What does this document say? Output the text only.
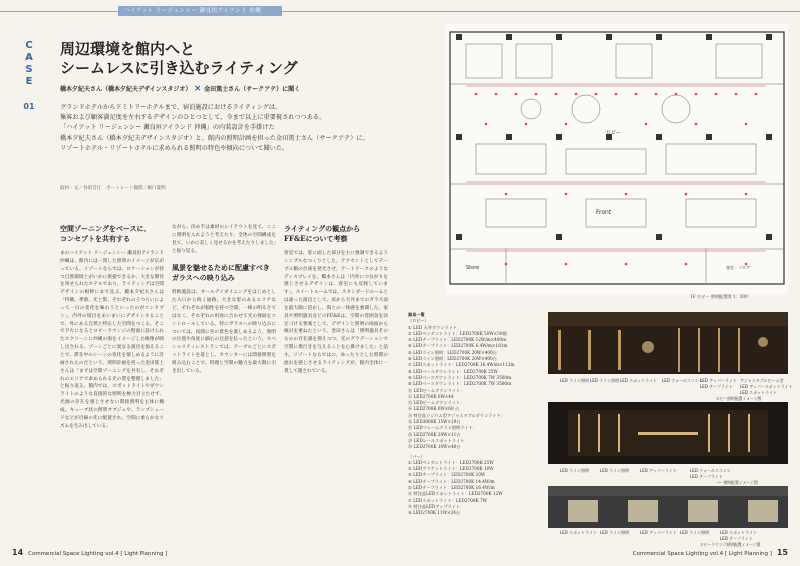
ハイアット リージェンシー 瀬良垣アイランド 沖縄
C
A
S
E
01
周辺環境を館内へと
シームレスに引き込むライティング
橋本夕紀夫さん（橋本夕紀夫デザインスタジオ） ✕ 金田篤士さん（サークアテ）に聞く

グランドホテルからドミトリーホテルまで、宿泊施設におけるライティングは、

集客および顧客満足度を左右するデザインのひとつとして、今まで以上に重要視されつつある。

「ハイアット リージェンシー 瀬良垣アイランド 沖縄」の内装設計を手掛けた

橋本夕紀夫さん（橋本夕紀夫デザインスタジオ）と、館内の照明計画を担った金田篤士さん（サークアテ）に、

リゾートホテル・リゾートホテルに求められる照明の特色や傾向について聞いた。

取材・文／谷彩音江　ポートレート撮影／堀口夏明
空間ゾーニングをベースに、
コンセプトを共有する

まのハイアット リージェンシー 瀬良垣アイランド 沖縄は、館内には一貫した照明のイメージが広がっている。リゾートならでは、ロケーションが持つ自然環境とがいかに密接できるか、大きな期待を寄せられたホテルであり、ライティングは空間デザインの根幹にまで及ぶ。橋本夕紀夫さんは「特徴、季節、光と影、それぞれのうつろいによって一日の変化を味わうといったのがコンセプト」。内外の境目をあいまいにデザインすることで、外にある自然と呼応した空間をつくる。そこで夕方になるとロビーラウンジの壁面に設けられたスクリーンに沖縄の海をイメージした映像が映し出される。ゾーンごとに異なる演出を加えることで、滞在中のシーンの変化を楽しめるように計画されたのだという。照明計画を担った金田篤士さんは「まずは空間ゾーニングを共有し、それぞれのエリアで求められる光の質を整理しました」と振り返る。館内では、スポットライトやダウンライトのような直接的な照明を極力目立たせず、光源の存在を感じさせない間接照明を主体に構成。キューブ状の照明オブジェや、ランプシェードなどが目線の先に配置され、空間に柔らかなリズムを生み出している。

ながら、決め手は素材のレイアウトを見て、ここに照明を入れようと考えたり、全体の空間構成を見て、いかに美しく見せるかを考えたりしました」と振り返る。

風景を魅せるために配慮すべき
ガラスへの映り込み

料飲施設は、オールデイダイニングをはじめとした入口から続く通路、大きな窓のあるエリアなど、それぞれが個性を持つ空間。一様の明るさではなく、それぞれの用途に合わせて光の強弱をコントロールしている。特にガラスへの映り込みについては、夜間に外の景色を楽しめるよう、照明の位置や角度に細心の注意を払ったという。スペシャリティレストランでは、テーブルごとにスポットライトを落とし、カウンターには間接照明を組み込むことで、料理と空間の魅力を最大限に引き出している。

ライティングの観点から
FF&Eについて考察

客室では、窓に面した部分を主に強調できるようシンプルなつくりとした。アクセントとしてテーブル類の台座を発光させ、アートワークのようなディスプレイを。橋本さんは「内外につながりを感じさせるデザインは、客室にも反映しています」。スイートルームでは、スタンダードルームとは違った演出として、床から天井までのガラス面を最大限に活かし、海との一体感を強調した。家具や照明器具などのFF&Eは、空間の雰囲気を決定づける要素として、デザインと照明の両面から検討を重ねたという。金田さんは「照明器具そのものの存在感を抑えつつ、光のグラデーションで空間に奥行きを与えることを心掛けました」と話す。リゾートならではの、ゆったりとした時間の流れを感じさせるライティングが、館内全体に一貫して施されている。

14 Commercial Space Lighting vol.4 [ Light Planning ]
Front
客室・フロア
Store
ロビー
1F ロビー 照明配置図 1：300
器具一覧
（ロビー）
① LED 天井ダウンライト：
② LEDペンダントライト：LED2700K 50W×50個
③ LEDテープライト：LED2700K 12W/m×400m
④ LEDテープライト：LED2700K 6.4W/m×181m
⑤ LEDライン照明：LED2700K 20W×400台
⑥ LEDライン照明：LED2700K 20W×400台
⑦ LEDスポットライト：LED2700K 16.4W/m×112m
⑧ LEDベースダウンライト：LED2700K 25W
⑨ LEDベースダウンライト：LED2700K 7W 3500m
⑩ LEDベースダウンライト：LED2700K 7W 3500m
⑪ LEDビームダウンライト：
⑫ LED2700K 6W×44
⑬ LEDビームダウンライト：
⑭ LED2700K 6W×60 台
⑮ 特注品ラジウム型アジャスタブルダウンライト：
⑯ LED3000K 15W×19台
⑰ LEDフレームグラス照明ライト：
⑱ LED2700K 20W×11台
⑲ LEDレールスポットライト：
⑳ LED2700K 10W×40台
（バー）
① LEDペンダントライト：LED2700K 25W
② LEDブラケットライト：LED2700K 10W
③ LEDテープライト：LED2700K 10W
④ LEDテープライト：LED2700K 14.4W/m
⑤ LEDテープライト：LED2700K 16.4W/m
⑥ 特注品LEDスポットライト：LED2700K 12W
⑦ LEDスポットライト：LED2700K 7W
⑧ 特注品LEDアップライト：
⑨ LED2700K 11W×24台
LED ライン照明 LED ライン照明 LED スポットライト LED ウォールスコンス
LED アッパーライト
LED テープライト
アジャスタブルビーム型
LED アッパースポットライト
LED スポットライト
ロビー照明配置イメージ図
LED ライン照明	LED ライン照明	LED アッパーライト	LED ウォールスコンス
LED テープライト
バー照明配置イメージ図
LED スポットライト LED ライン照明	LED アッパーライト LED ライン照明	LED スポットライト
LED テープライト
ロビーラウンジ照明配置イメージ図
Commercial Space Lighting vol.4 [ Light Planning ] 15
